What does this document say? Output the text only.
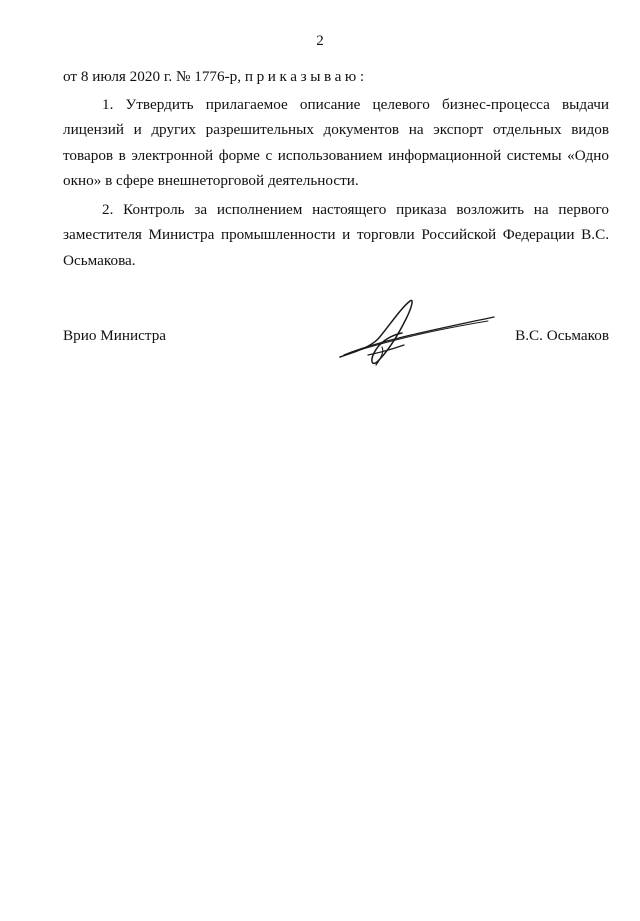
2

от 8 июля 2020 г. № 1776-р, приказываю:

1. Утвердить прилагаемое описание целевого бизнес-процесса выдачи лицензий и других разрешительных документов на экспорт отдельных видов товаров в электронной форме с использованием информационной системы «Одно окно» в сфере внешнеторговой деятельности.

2. Контроль за исполнением настоящего приказа возложить на первого заместителя Министра промышленности и торговли Российской Федерации В.С. Осьмакова.

Врио Министра	В.С. Осьмаков
